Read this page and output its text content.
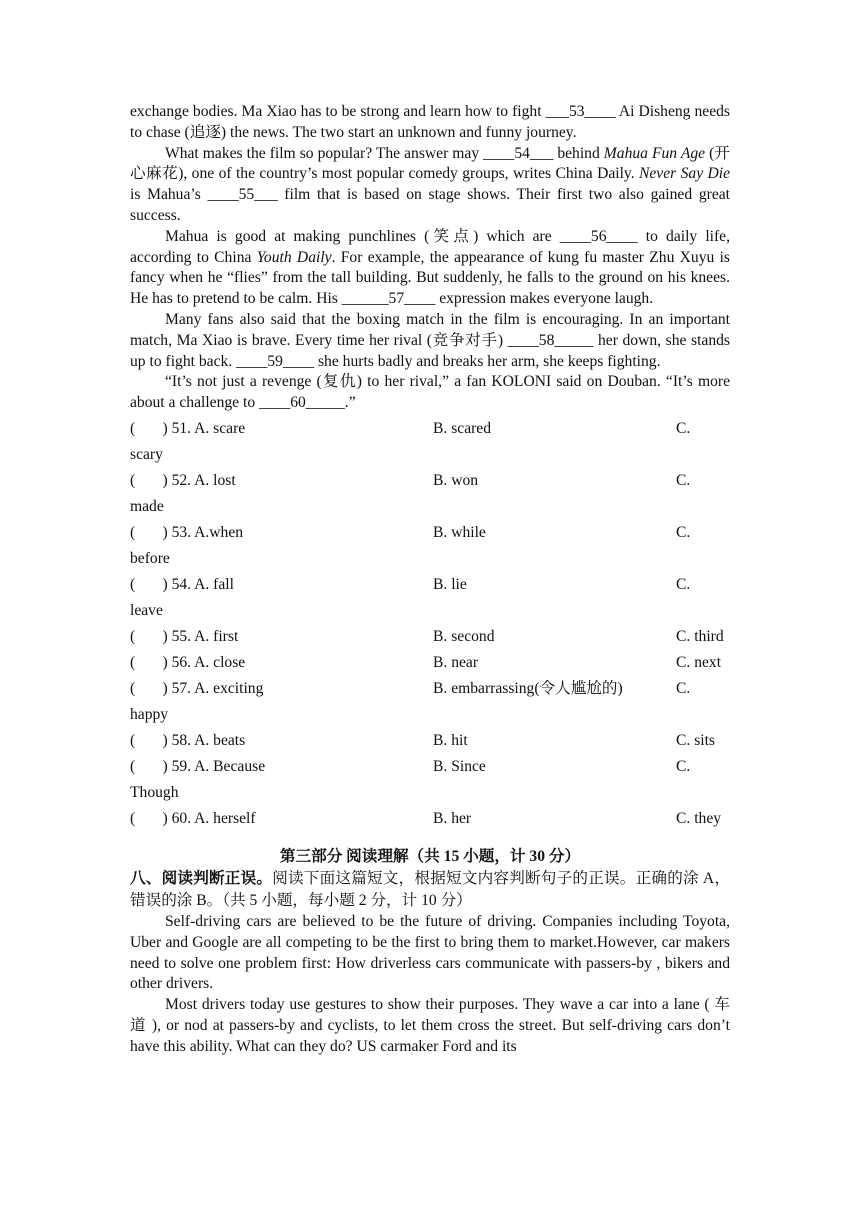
exchange bodies. Ma Xiao has to be strong and learn how to fight ___53____ Ai Disheng needs to chase (追逐) the news. The two start an unknown and funny journey.

What makes the film so popular? The answer may ____54___ behind Mahua Fun Age (开心麻花), one of the country’s most popular comedy groups, writes China Daily. Never Say Die is Mahua’s ____55___ film that is based on stage shows. Their first two also gained great success.

Mahua is good at making punchlines (笑点) which are ____56____ to daily life, according to China Youth Daily. For example, the appearance of kung fu master Zhu Xuyu is fancy when he “flies” from the tall building. But suddenly, he falls to the ground on his knees. He has to pretend to be calm. His ______57____ expression makes everyone laugh.

Many fans also said that the boxing match in the film is encouraging. In an important match, Ma Xiao is brave. Every time her rival (竞争对手) ____58_____ her down, she stands up to fight back. ____59____ she hurts badly and breaks her arm, she keeps fighting.

“It’s not just a revenge (复仇) to her rival,” a fan KOLONI said on Douban. “It’s more about a challenge to ____60_____.”

(       ) 51. A. scare	B. scared	C.
scary
(       ) 52. A. lost	B. won	C.
made
(       ) 53. A.when	B. while	C.
before
(       ) 54. A. fall	B. lie	C.
leave
(       ) 55. A. first	B. second	C. third
(       ) 56. A. close	B. near	C. next
(       ) 57. A. exciting	B. embarrassing(令人尴尬的)	C.
happy
(       ) 58. A. beats	B. hit	C. sits
(       ) 59. A. Because	B. Since	C.
Though
(       ) 60. A. herself	B. her	C. they
第三部分 阅读理解（共 15 小题，计 30 分）

八、阅读判断正误。阅读下面这篇短文，根据短文内容判断句子的正误。正确的涂 A，错误的涂 B。（共 5 小题，每小题 2 分，计 10 分）

Self-driving cars are believed to be the future of driving. Companies including Toyota, Uber and Google are all competing to be the first to bring them to market.However, car makers need to solve one problem first: How driverless cars communicate with passers-by , bikers and other drivers.

Most drivers today use gestures to show their purposes. They wave a car into a lane ( 车 道 ), or nod at passers-by and cyclists, to let them cross the street. But self-driving cars don’t have this ability. What can they do? US carmaker Ford and its
